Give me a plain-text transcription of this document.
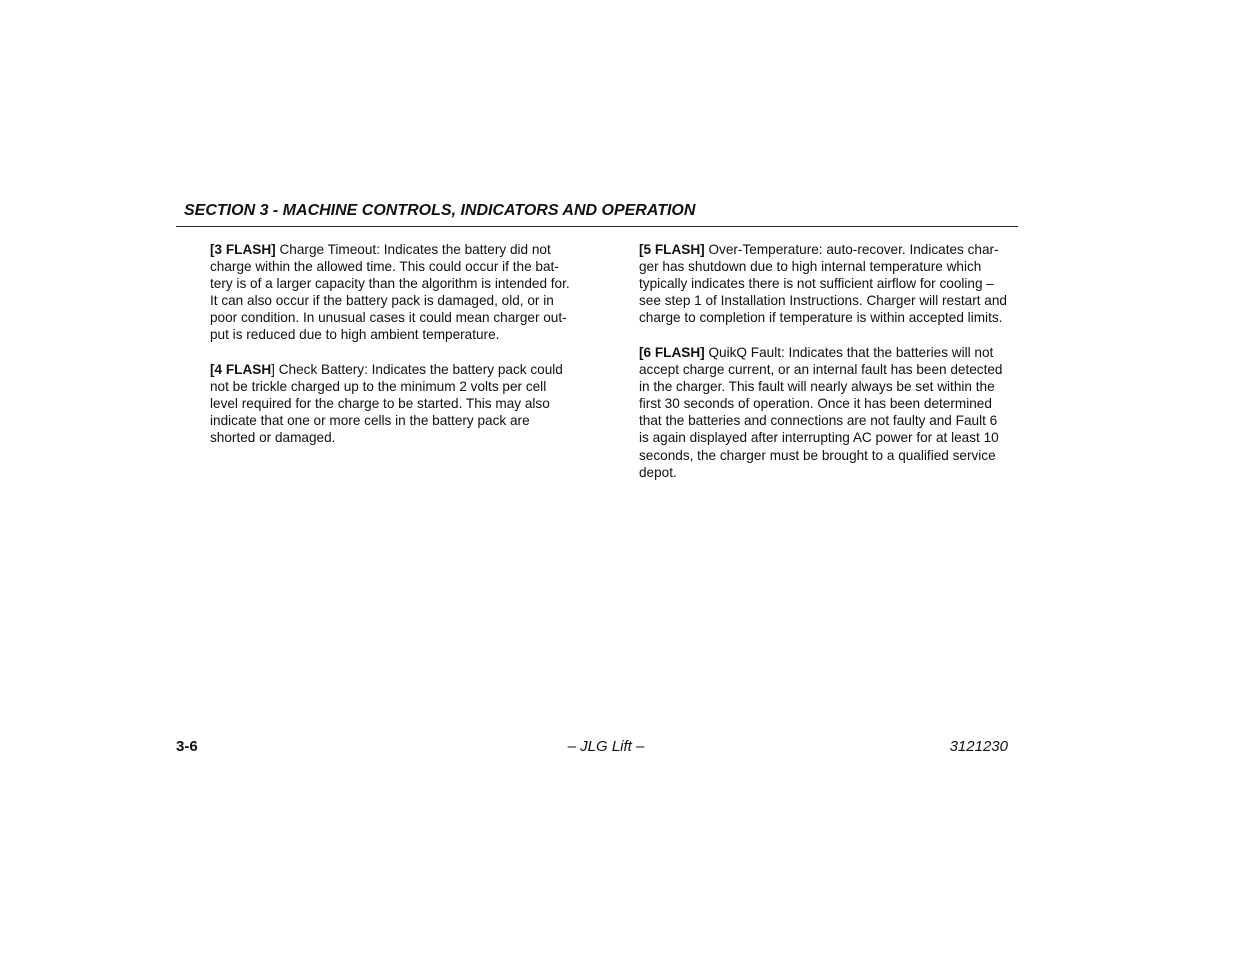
SECTION 3 - MACHINE CONTROLS, INDICATORS AND OPERATION

[3 FLASH] Charge Timeout: Indicates the battery did not
charge within the allowed time. This could occur if the bat-
tery is of a larger capacity than the algorithm is intended for.
It can also occur if the battery pack is damaged, old, or in
poor condition. In unusual cases it could mean charger out-
put is reduced due to high ambient temperature.

[4 FLASH] Check Battery: Indicates the battery pack could
not be trickle charged up to the minimum 2 volts per cell
level required for the charge to be started. This may also
indicate that one or more cells in the battery pack are
shorted or damaged.

[5 FLASH] Over-Temperature: auto-recover. Indicates char-
ger has shutdown due to high internal temperature which
typically indicates there is not sufficient airflow for cooling –
see step 1 of Installation Instructions. Charger will restart and
charge to completion if temperature is within accepted limits.

[6 FLASH] QuikQ Fault: Indicates that the batteries will not
accept charge current, or an internal fault has been detected
in the charger. This fault will nearly always be set within the
first 30 seconds of operation. Once it has been determined
that the batteries and connections are not faulty and Fault 6
is again displayed after interrupting AC power for at least 10
seconds, the charger must be brought to a qualified service
depot.

3-6	– JLG Lift –	3121230
